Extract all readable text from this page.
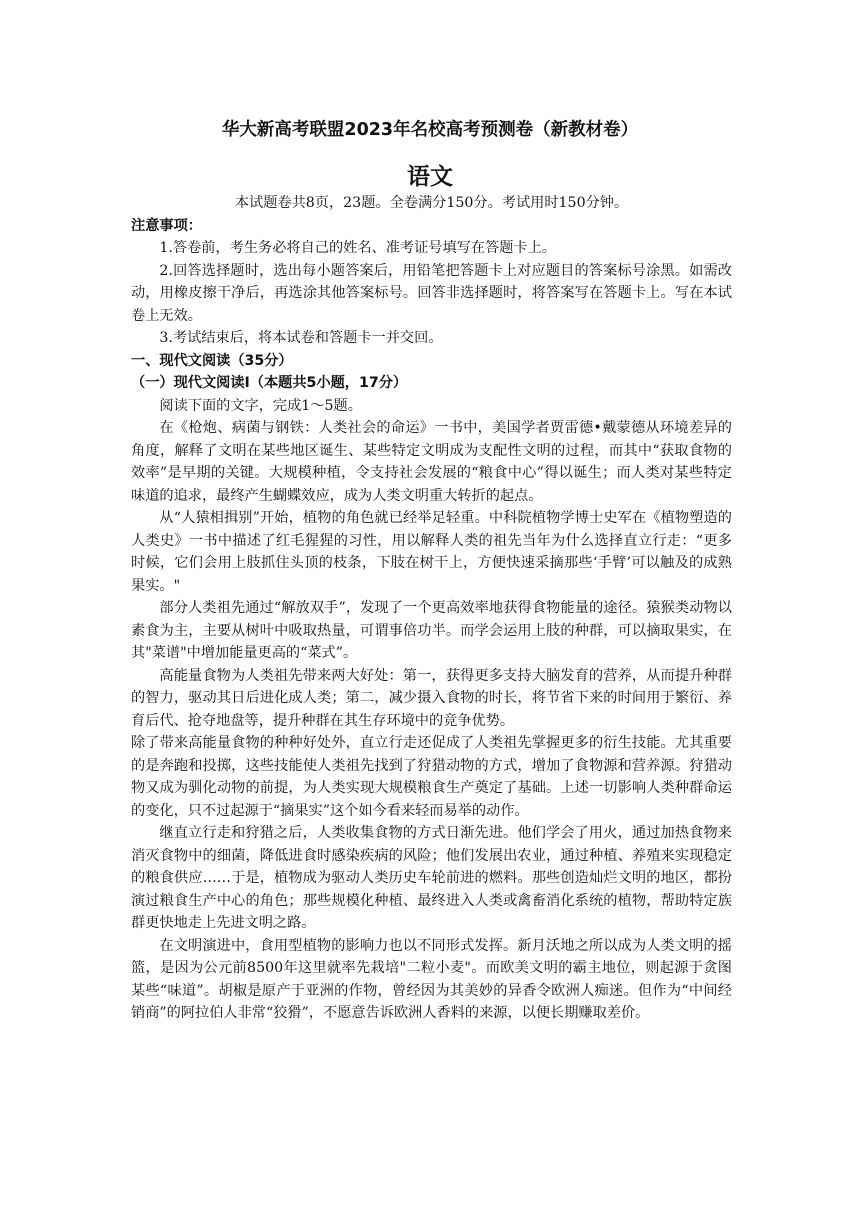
华大新高考联盟2023年名校高考预测卷（新教材卷）
语文

本试题卷共8页，23题。全卷满分150分。考试用时150分钟。

注意事项：

1.答卷前，考生务必将自己的姓名、准考证号填写在答题卡上。

2.回答选择题时，选出每小题答案后，用铅笔把答题卡上对应题目的答案标号涂黑。如需改动，用橡皮擦干净后，再选涂其他答案标号。回答非选择题时，将答案写在答题卡上。写在本试卷上无效。

3.考试结束后，将本试卷和答题卡一并交回。

一、现代文阅读（35分）

（一）现代文阅读Ⅰ（本题共5小题，17分）

阅读下面的文字，完成1～5题。

在《枪炮、病菌与钢铁：人类社会的命运》一书中，美国学者贾雷德•戴蒙德从环境差异的角度，解释了文明在某些地区诞生、某些特定文明成为支配性文明的过程，而其中“获取食物的效率”是早期的关键。大规模种植，令支持社会发展的“粮食中心”得以诞生；而人类对某些特定味道的追求，最终产生蝴蝶效应，成为人类文明重大转折的起点。

从“人猿相揖别”开始，植物的角色就已经举足轻重。中科院植物学博士史军在《植物塑造的人类史》一书中描述了红毛猩猩的习性，用以解释人类的祖先当年为什么选择直立行走：“更多时候，它们会用上肢抓住头顶的枝条，下肢在树干上，方便快速采摘那些‘手臂’可以触及的成熟果实。"

部分人类祖先通过“解放双手”，发现了一个更高效率地获得食物能量的途径。猿猴类动物以素食为主，主要从树叶中吸取热量，可谓事倍功半。而学会运用上肢的种群，可以摘取果实，在其"菜谱"中增加能量更高的“菜式”。

高能量食物为人类祖先带来两大好处：第一，获得更多支持大脑发育的营养，从而提升种群的智力，驱动其日后进化成人类；第二，减少摄入食物的时长，将节省下来的时间用于繁衍、养育后代、抢夺地盘等，提升种群在其生存环境中的竞争优势。

除了带来高能量食物的种种好处外，直立行走还促成了人类祖先掌握更多的衍生技能。尤其重要的是奔跑和投掷，这些技能使人类祖先找到了狩猎动物的方式，增加了食物源和营养源。狩猎动物又成为驯化动物的前提，为人类实现大规模粮食生产奠定了基础。上述一切影响人类种群命运的变化，只不过起源于“摘果实”这个如今看来轻而易举的动作。

继直立行走和狩猎之后，人类收集食物的方式日渐先进。他们学会了用火，通过加热食物来消灭食物中的细菌，降低进食时感染疾病的风险；他们发展出农业，通过种植、养殖来实现稳定的粮食供应……于是，植物成为驱动人类历史车轮前进的燃料。那些创造灿烂文明的地区，都扮演过粮食生产中心的角色；那些规模化种植、最终进入人类或禽畜消化系统的植物，帮助特定族群更快地走上先进文明之路。

在文明演进中，食用型植物的影响力也以不同形式发挥。新月沃地之所以成为人类文明的摇篮，是因为公元前8500年这里就率先栽培"二粒小麦"。而欧美文明的霸主地位，则起源于贪图某些“味道”。胡椒是原产于亚洲的作物，曾经因为其美妙的异香令欧洲人痴迷。但作为“中间经销商”的阿拉伯人非常“狡猾”，不愿意告诉欧洲人香料的来源，以便长期赚取差价。
